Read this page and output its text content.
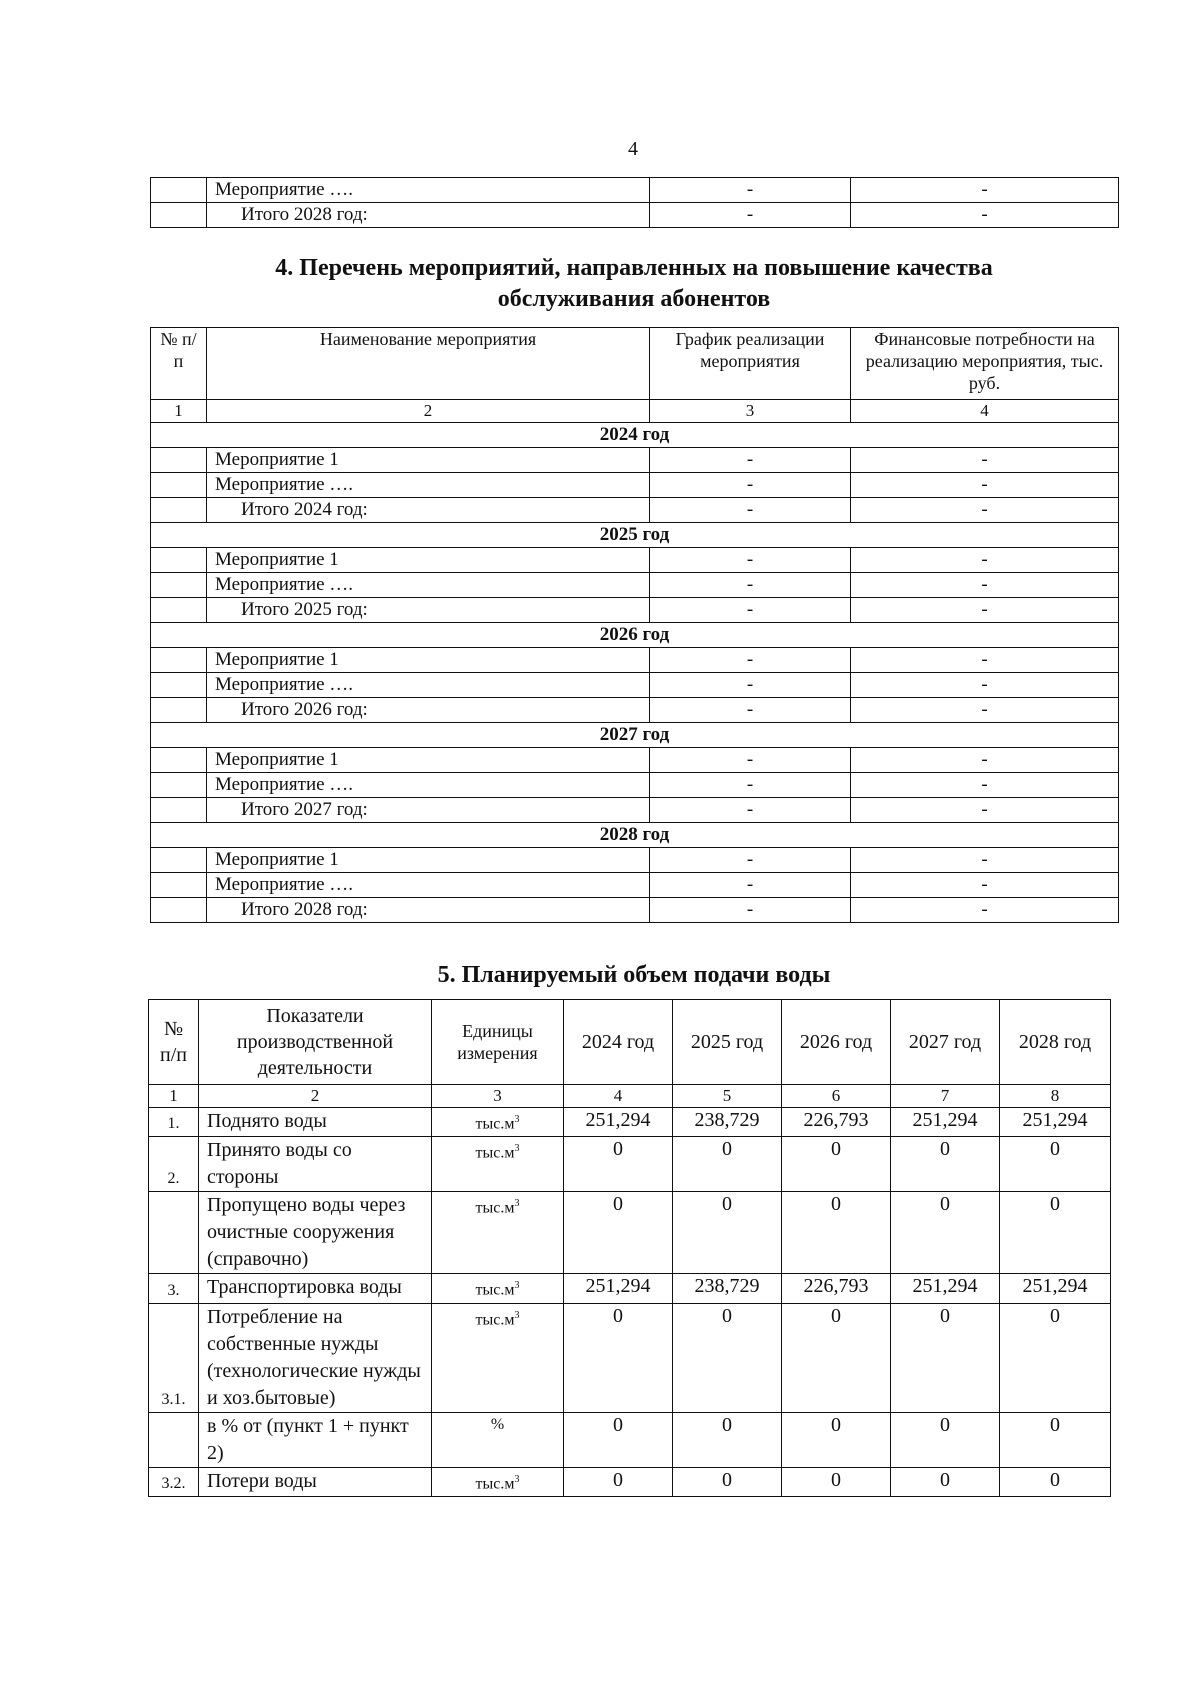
4
	Мероприятие ….	-	-
	Итого 2028 год:	-	-
4. Перечень мероприятий, направленных на повышение качества
обслуживания абонентов
№ п/п	Наименование мероприятия	График реализации мероприятия	Финансовые потребности на реализацию мероприятия, тыс. руб.
1	2	3	4
2024 год			
	Мероприятие 1	-	-
	Мероприятие ….	-	-
	Итого 2024 год:	-	-
2025 год			
	Мероприятие 1	-	-
	Мероприятие ….	-	-
	Итого 2025 год:	-	-
2026 год			
	Мероприятие 1	-	-
	Мероприятие ….	-	-
	Итого 2026 год:	-	-
2027 год			
	Мероприятие 1	-	-
	Мероприятие ….	-	-
	Итого 2027 год:	-	-
2028 год			
	Мероприятие 1	-	-
	Мероприятие ….	-	-
	Итого 2028 год:	-	-
5. Планируемый объем подачи воды
№ п/п	Показатели производственной деятельности	Единицы измерения	2024 год	2025 год	2026 год	2027 год	2028 год
1	2	3	4	5	6	7	8
1.	Поднято воды	$тыс.м^3$	251,294	238,729	226,793	251,294	251,294
2.	Принято воды со стороны	$тыс.м^3$	0	0	0	0	0
	Пропущено воды через очистные сооружения (справочно)	$тыс.м^3$	0	0	0	0	0
3.	Транспортировка воды	$тыс.м^3$	251,294	238,729	226,793	251,294	251,294
3.1.	Потребление на собственные нужды (технологические нужды и хоз.бытовые)	$тыс.м^3$	0	0	0	0	0
	в % от (пункт 1 + пункт 2)	%	0	0	0	0	0
3.2.	Потери воды	$тыс.м^3$	0	0	0	0	0
